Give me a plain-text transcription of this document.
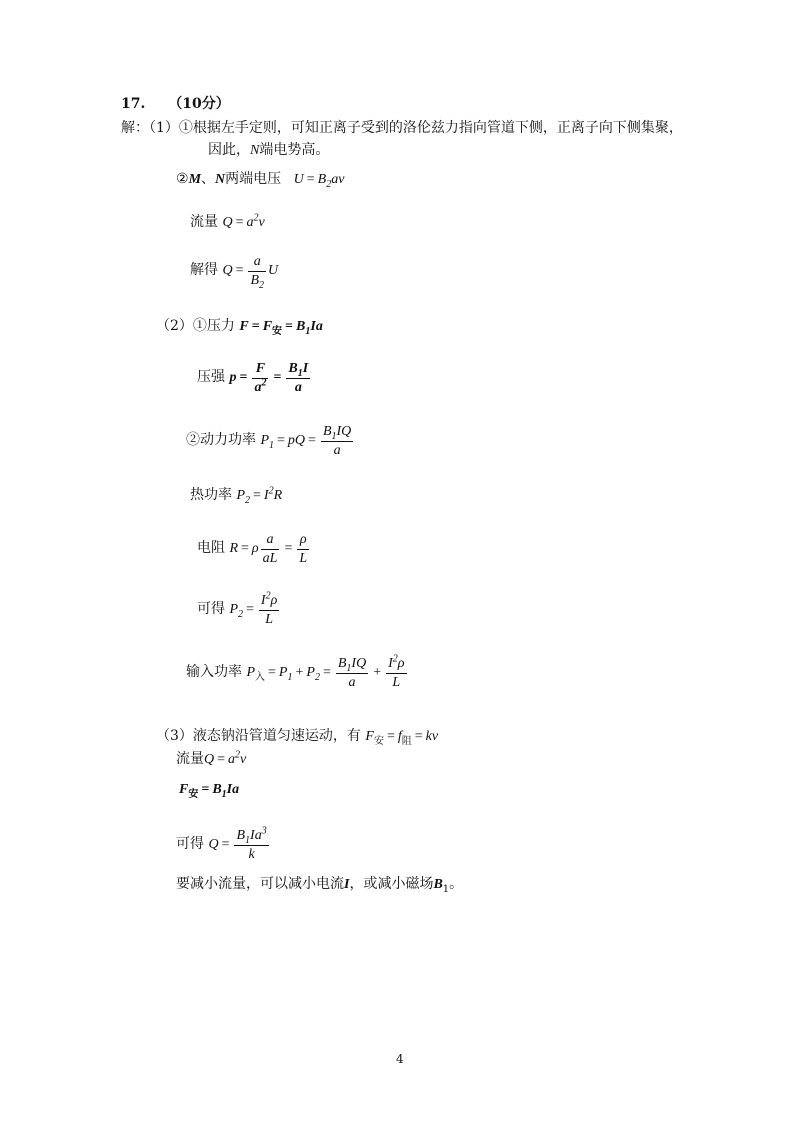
17. （10分）
解：（1）①根据左手定则，可知正离子受到的洛伦兹力指向管道下侧，正离子向下侧集聚，
因此，N端电势高。
②M、N两端电压 $U = B_2av$
流量 $Q = a^2v$
解得 $Q = \frac{a}{B_2}$ U
（2）①压力 $F = F_安 = B_1Ia$
压强 $p = \frac{F}{a^2} = \frac{B_1I}{a}$
②动力功率 $P_1$ = pQ = $\frac{B_1IQ}{a}$
热功率 $P_2 = I^2R$
电阻 R = ρ $\frac{a}{aL} = \frac{\rho}{L}$
可得 $P_2 = \frac{I^2\rho}{L}$
输入功率 $P_入 = P_1 + P_2 = \frac{B_1IQ}{a} + \frac{I^2\rho}{L}$
（3）液态钠沿管道匀速运动，有 $F_安 = f_阻$ = kv
流量$Q = a^2v$
$F_安 = B_1Ia$
可得 $Q = \frac{B_1Ia^3}{k}$
要减小流量，可以减小电流I，或减小磁场$B_1$。
4
